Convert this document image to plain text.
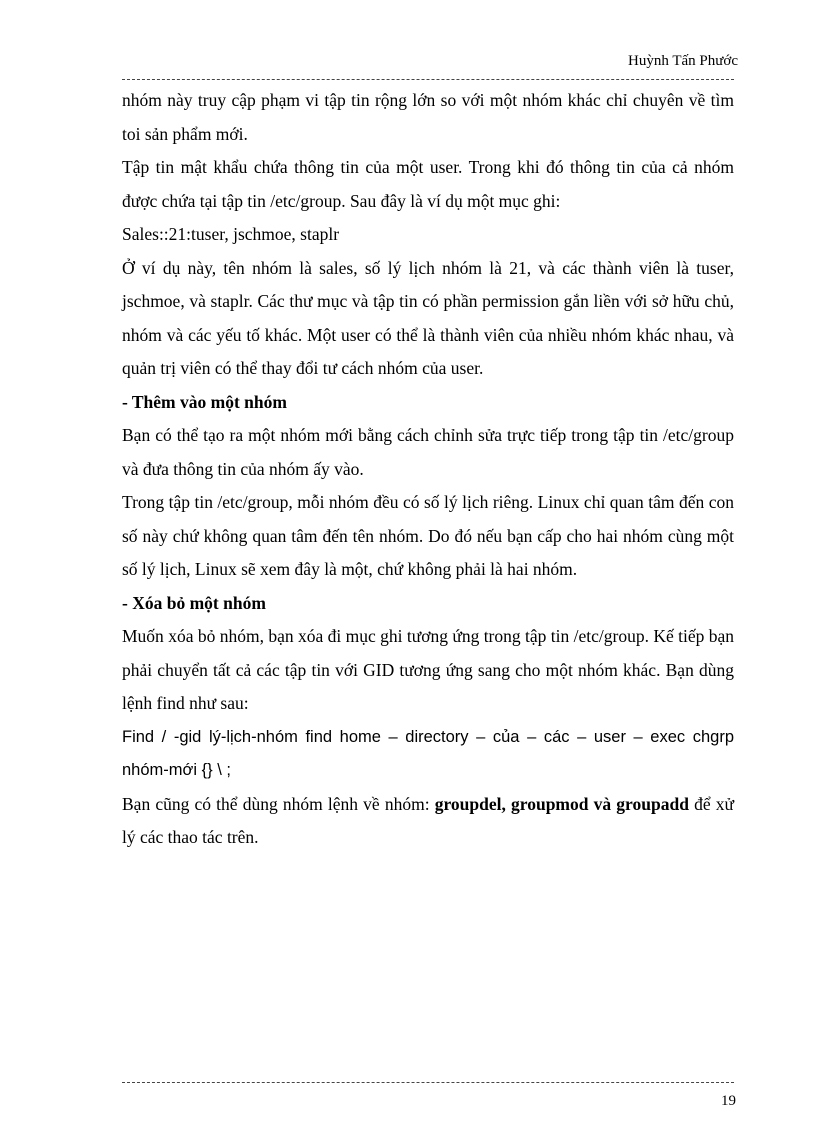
Huỳnh Tấn Phước

nhóm này truy cập phạm vi tập tin rộng lớn so với một nhóm khác chỉ chuyên về tìm toi sản phẩm mới.

Tập tin mật khẩu chứa thông tin của một user. Trong khi đó thông tin của cả nhóm được chứa tại tập tin /etc/group. Sau đây là ví dụ một mục ghi:

Sales::21:tuser, jschmoe, staplr

Ở ví dụ này, tên nhóm là sales, số lý lịch nhóm là 21, và các thành viên là tuser, jschmoe, và staplr. Các thư mục và tập tin có phần permission gắn liền với sở hữu chủ, nhóm và các yếu tố khác. Một user có thể là thành viên của nhiều nhóm khác nhau, và quản trị viên có thể thay đổi tư cách nhóm của user.

- Thêm vào một nhóm

Bạn có thể tạo ra một nhóm mới bằng cách chỉnh sửa trực tiếp trong tập tin /etc/group và đưa thông tin của nhóm ấy vào.

Trong tập tin /etc/group, mỗi nhóm đều có số lý lịch riêng. Linux chỉ quan tâm đến con số này chứ không quan tâm đến tên nhóm. Do đó nếu bạn cấp cho hai nhóm cùng một số lý lịch, Linux sẽ xem đây là một, chứ không phải là hai nhóm.

- Xóa bỏ một nhóm

Muốn xóa bỏ nhóm, bạn xóa đi mục ghi tương ứng trong tập tin /etc/group. Kế tiếp bạn phải chuyển tất cả các tập tin với GID tương ứng sang cho một nhóm khác. Bạn dùng lệnh find như sau:

Find / -gid lý-lịch-nhóm find home – directory – của – các – user – exec chgrp nhóm-mới {} \ ;

Bạn cũng có thể dùng nhóm lệnh về nhóm: groupdel, groupmod và groupadd để xử lý các thao tác trên.

19
